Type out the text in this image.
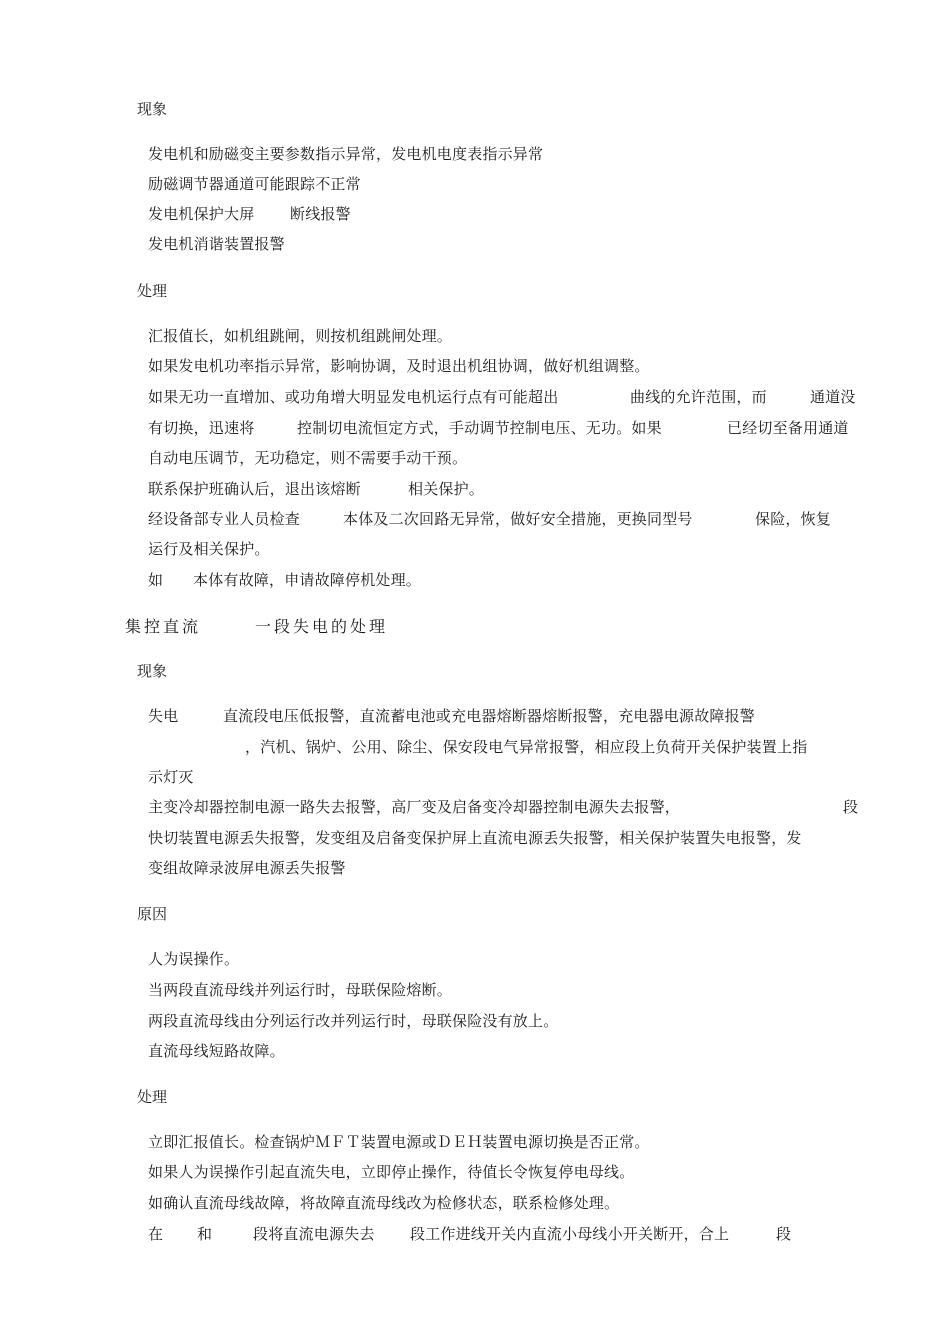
现象
发电机和励磁变主要参数指示异常，发电机电度表指示异常
励磁调节器通道可能跟踪不正常
发电机保护大屏 断线报警
发电机消谐装置报警
处理
汇报值长，如机组跳闸，则按机组跳闸处理。
如果发电机功率指示异常，影响协调，及时退出机组协调，做好机组调整。
如果无功一直增加、或功角增大明显发电机运行点有可能超出	曲线的允许范围，而	通道没
有切换，迅速将	控制切电流恒定方式，手动调节控制电压、无功。如果	已经切至备用通道
自动电压调节，无功稳定，则不需要手动干预。
联系保护班确认后，退出该熔断	相关保护。
经设备部专业人员检查	本体及二次回路无异常，做好安全措施，更换同型号	保险，恢复
运行及相关保护。
如 本体有故障，申请故障停机处理。
集控直流	一段失电的处理
现象
失电	直流段电压低报警，直流蓄电池或充电器熔断器熔断报警，充电器电源故障报警
，汽机、锅炉、公用、除尘、保安段电气异常报警，相应段上负荷开关保护装置上指
示灯灭
主变冷却器控制电源一路失去报警，高厂变及启备变冷却器控制电源失去报警，	段
快切装置电源丢失报警，发变组及启备变保护屏上直流电源丢失报警，相关保护装置失电报警，发
变组故障录波屏电源丢失报警
原因
人为误操作。
当两段直流母线并列运行时，母联保险熔断。
两段直流母线由分列运行改并列运行时，母联保险没有放上。
直流母线短路故障。
处理
立即汇报值长。检查锅炉ＭＦＴ装置电源或ＤＥＨ装置电源切换是否正常。
如果人为误操作引起直流失电，立即停止操作，待值长令恢复停电母线。
如确认直流母线故障，将故障直流母线改为检修状态，联系检修处理。
在 和	段将直流电源失去 段工作进线开关内直流小母线小开关断开，合上	段
